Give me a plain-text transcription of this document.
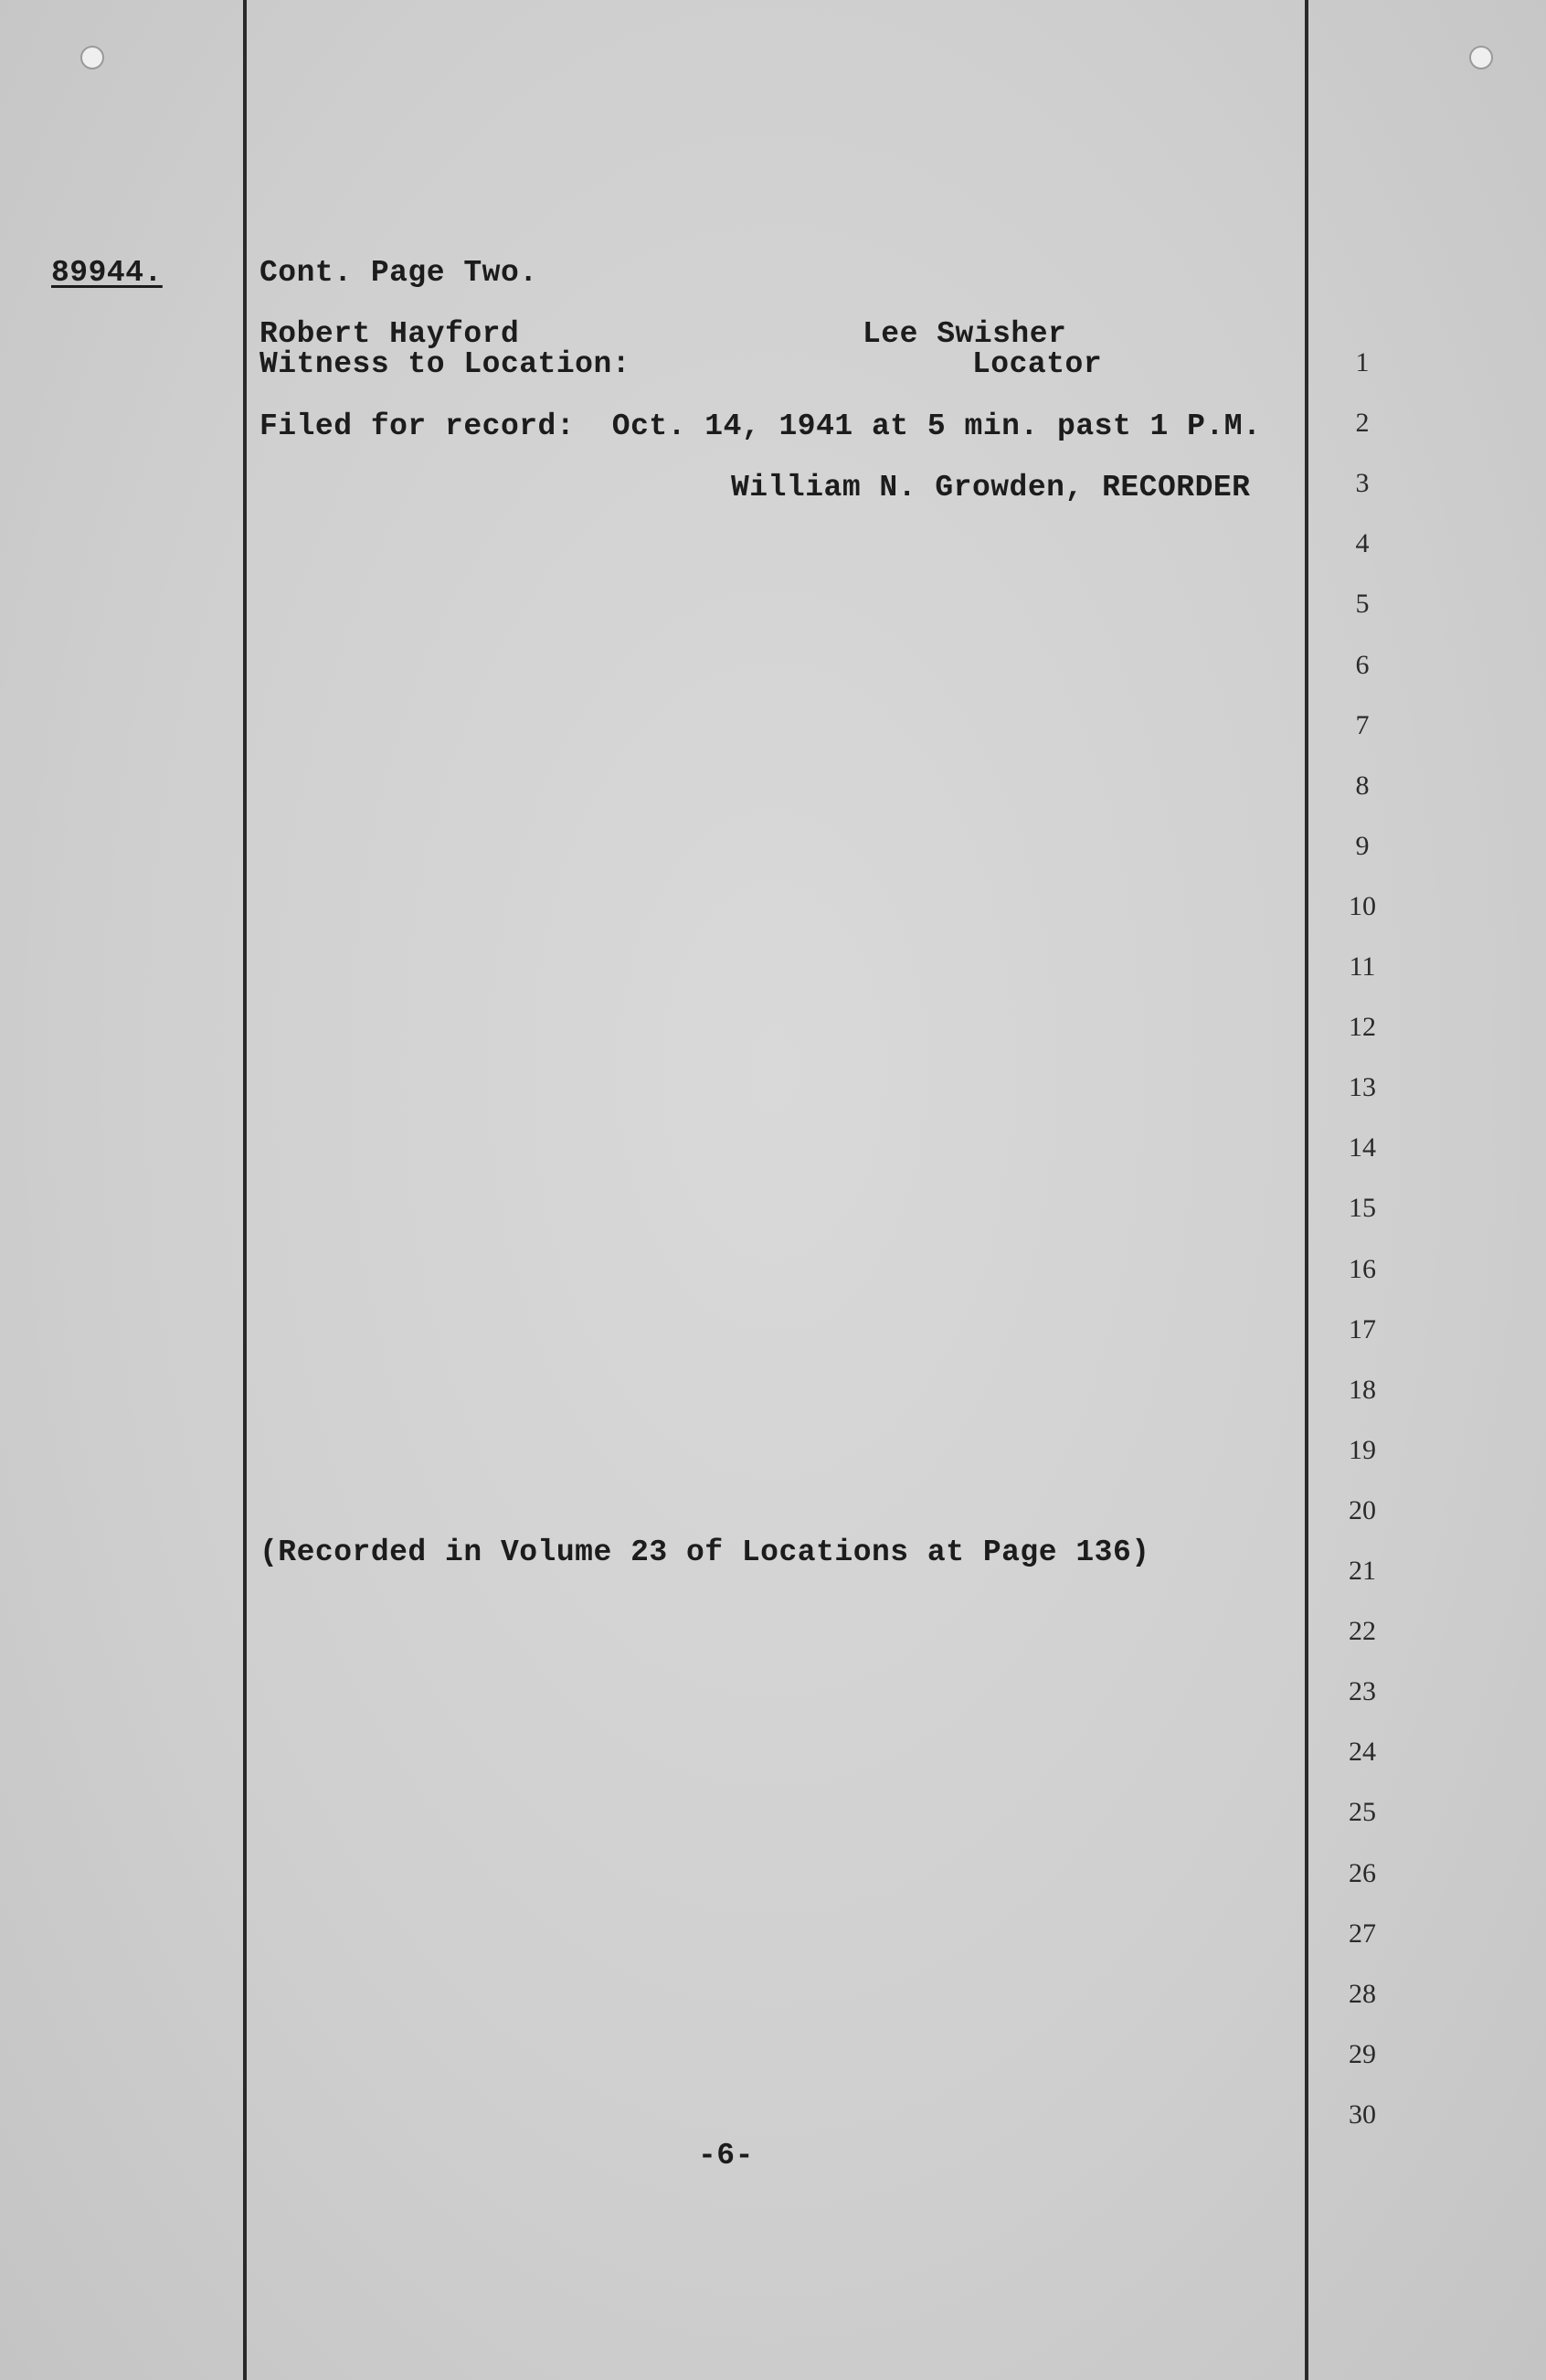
89944.	Cont. Page Two.
Robert Hayford
Witness to Location:
Lee Swisher
Locator
Filed for record:  Oct. 14, 1941 at 5 min. past 1 P.M.
William N. Growden, RECORDER
(Recorded in Volume 23 of Locations at Page 136)
-6-
1
2
3
4
5
6
7
8
9
10
11
12
13
14
15
16
17
18
19
20
21
22
23
24
25
26
27
28
29
30
